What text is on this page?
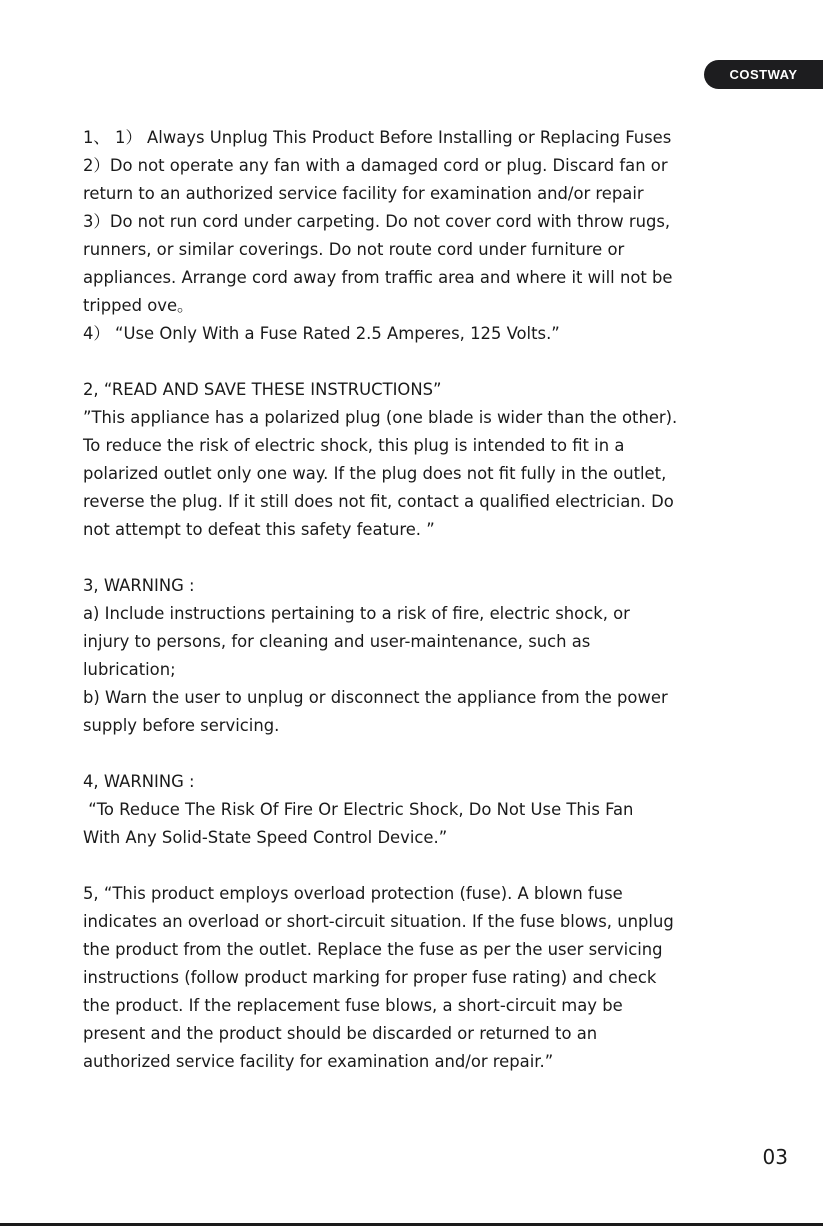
COSTWAY
1、 1） Always Unplug This Product Before Installing or Replacing Fuses
2）Do not operate any fan with a damaged cord or plug. Discard fan or
return to an authorized service facility for examination and/or repair
3）Do not run cord under carpeting. Do not cover cord with throw rugs,
runners, or similar coverings. Do not route cord under furniture or
appliances. Arrange cord away from traffic area and where it will not be
tripped ove。
4） “Use Only With a Fuse Rated 2.5 Amperes, 125 Volts.”
2, “READ AND SAVE THESE INSTRUCTIONS”
”This appliance has a polarized plug (one blade is wider than the other).
To reduce the risk of electric shock, this plug is intended to fit in a
polarized outlet only one way. If the plug does not fit fully in the outlet,
reverse the plug. If it still does not fit, contact a qualified electrician. Do
not attempt to defeat this safety feature. ”
3, WARNING :
a) Include instructions pertaining to a risk of fire, electric shock, or
injury to persons, for cleaning and user-maintenance, such as
lubrication;
b) Warn the user to unplug or disconnect the appliance from the power
supply before servicing.
4, WARNING :
“To Reduce The Risk Of Fire Or Electric Shock, Do Not Use This Fan
With Any Solid-State Speed Control Device.”
5, “This product employs overload protection (fuse). A blown fuse
indicates an overload or short-circuit situation. If the fuse blows, unplug
the product from the outlet. Replace the fuse as per the user servicing
instructions (follow product marking for proper fuse rating) and check
the product. If the replacement fuse blows, a short-circuit may be
present and the product should be discarded or returned to an
authorized service facility for examination and/or repair.”
03
